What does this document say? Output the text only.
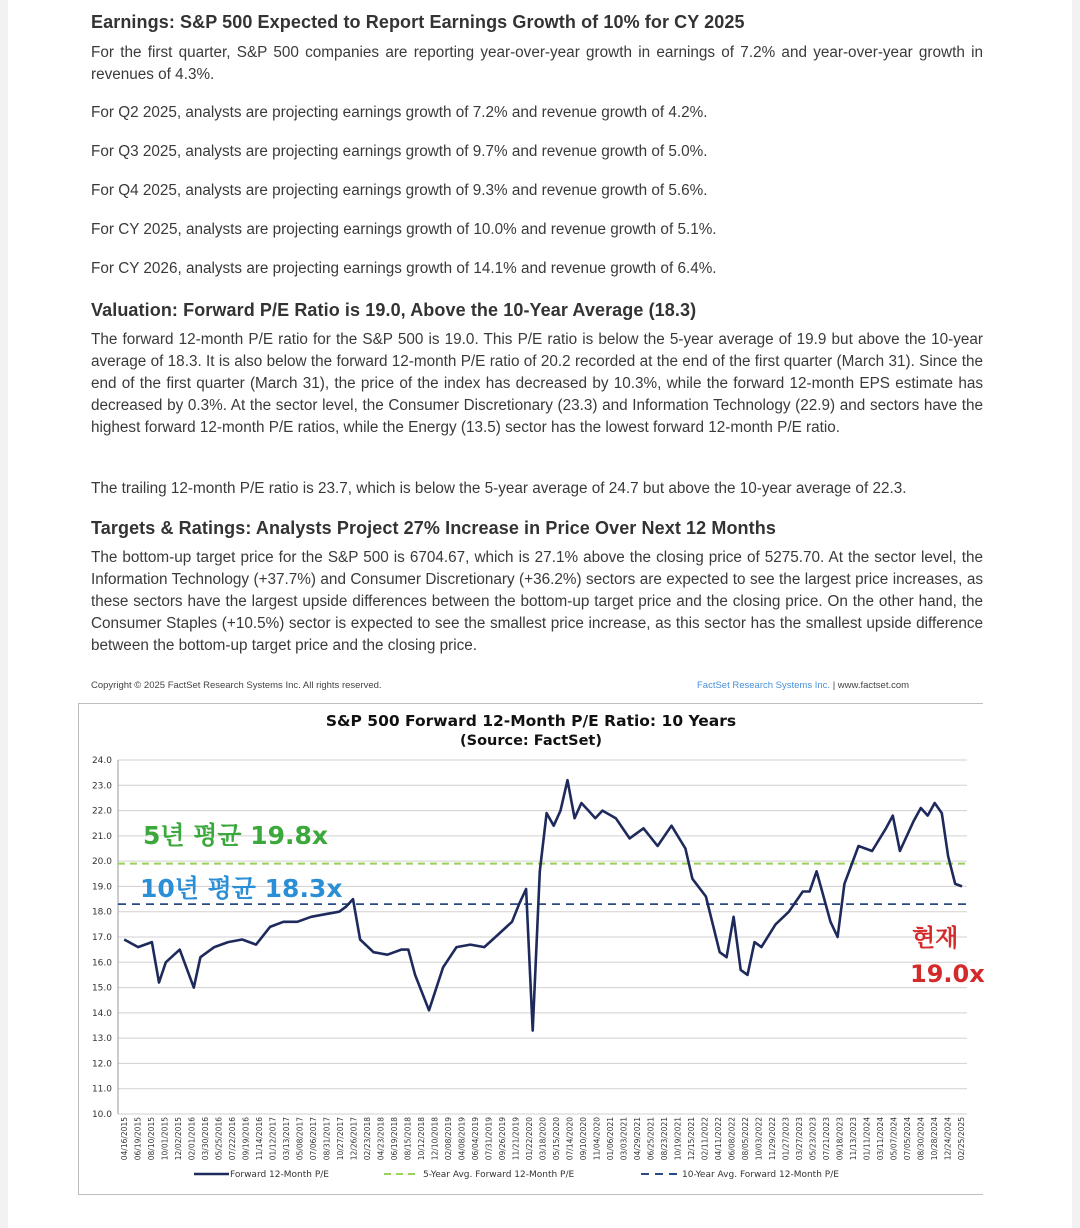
Earnings: S&P 500 Expected to Report Earnings Growth of 10% for CY 2025

For the first quarter, S&P 500 companies are reporting year-over-year growth in earnings of 7.2% and year-over-year growth in revenues of 4.3%.

For Q2 2025, analysts are projecting earnings growth of 7.2% and revenue growth of 4.2%.

For Q3 2025, analysts are projecting earnings growth of 9.7% and revenue growth of 5.0%.

For Q4 2025, analysts are projecting earnings growth of 9.3% and revenue growth of 5.6%.

For CY 2025, analysts are projecting earnings growth of 10.0% and revenue growth of 5.1%.

For CY 2026, analysts are projecting earnings growth of 14.1% and revenue growth of 6.4%.

Valuation: Forward P/E Ratio is 19.0, Above the 10-Year Average (18.3)

The forward 12-month P/E ratio for the S&P 500 is 19.0. This P/E ratio is below the 5-year average of 19.9 but above the 10-year average of 18.3. It is also below the forward 12-month P/E ratio of 20.2 recorded at the end of the first quarter (March 31). Since the end of the first quarter (March 31), the price of the index has decreased by 10.3%, while the forward 12-month EPS estimate has decreased by 0.3%. At the sector level, the Consumer Discretionary (23.3) and Information Technology (22.9) and sectors have the highest forward 12-month P/E ratios, while the Energy (13.5) sector has the lowest forward 12-month P/E ratio.

The trailing 12-month P/E ratio is 23.7, which is below the 5-year average of 24.7 but above the 10-year average of 22.3.

Targets & Ratings: Analysts Project 27% Increase in Price Over Next 12 Months

The bottom-up target price for the S&P 500 is 6704.67, which is 27.1% above the closing price of 5275.70. At the sector level, the Information Technology (+37.7%) and Consumer Discretionary (+36.2%) sectors are expected to see the largest price increases, as these sectors have the largest upside differences between the bottom-up target price and the closing price. On the other hand, the Consumer Staples (+10.5%) sector is expected to see the smallest price increase, as this sector has the smallest upside difference between the bottom-up target price and the closing price.

Copyright © 2025 FactSet Research Systems Inc. All rights reserved.	FactSet Research Systems Inc. | www.factset.com
S&P 500 Forward 12-Month P/E Ratio: 10 Years
(Source: FactSet)
10.0
11.0
12.0
13.0
14.0
15.0
16.0
17.0
18.0
19.0
20.0
21.0
22.0
23.0
24.0
04/16/2015 06/19/2015 08/10/2015 10/01/2015 12/02/2015 02/01/2016 03/30/2016 05/25/2016 07/22/2016 09/19/2016 11/14/2016 01/12/2017 03/13/2017 05/08/2017 07/06/2017 08/31/2017 10/27/2017 12/26/2017 02/23/2018 04/23/2018 06/19/2018 08/15/2018 10/12/2018 12/10/2018 02/08/2019 04/08/2019 06/04/2019 07/31/2019 09/26/2019 11/21/2019 01/22/2020 03/18/2020 05/15/2020 07/14/2020 09/10/2020 11/04/2020 01/06/2021 03/03/2021 04/29/2021 06/25/2021 08/23/2021 10/19/2021 12/15/2021 02/11/2022 04/11/2022 06/08/2022 08/05/2022 10/03/2022 11/29/2022 01/27/2023 03/27/2023 05/23/2023 07/21/2023 09/18/2023 11/13/2023 01/11/2024 03/11/2024 05/07/2024 07/05/2024 08/30/2024 10/28/2024 12/24/2024 02/25/2025
Forward 12-Month P/E	5-Year Avg. Forward 12-Month P/E	10-Year Avg. Forward 12-Month P/E
5년 평균 19.8x
10년 평균 18.3x
현재
19.0x
